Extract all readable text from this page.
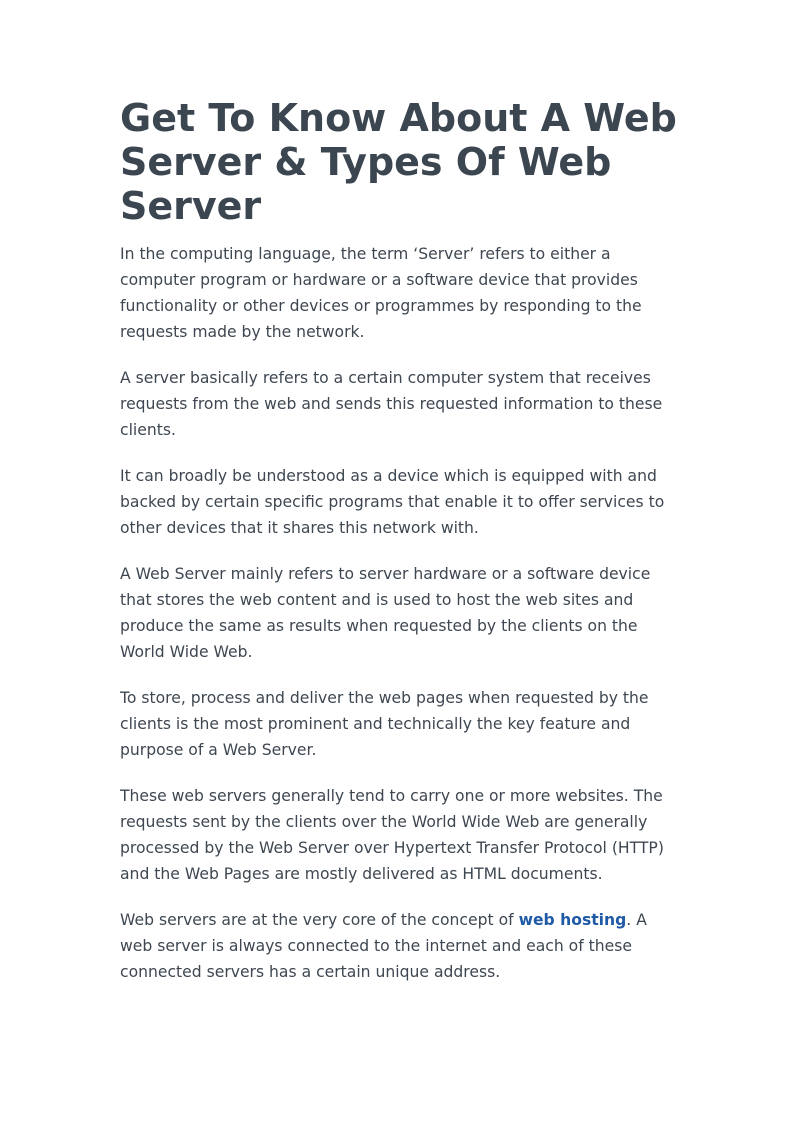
Get To Know About A Web Server & Types Of Web Server

In the computing language, the term ‘Server’ refers to either a computer program or hardware or a software device that provides functionality or other devices or programmes by responding to the requests made by the network.

A server basically refers to a certain computer system that receives requests from the web and sends this requested information to these clients.

It can broadly be understood as a device which is equipped with and backed by certain specific programs that enable it to offer services to other devices that it shares this network with.

A Web Server mainly refers to server hardware or a software device that stores the web content and is used to host the web sites and produce the same as results when requested by the clients on the World Wide Web.

To store, process and deliver the web pages when requested by the clients is the most prominent and technically the key feature and purpose of a Web Server.

These web servers generally tend to carry one or more websites. The requests sent by the clients over the World Wide Web are generally processed by the Web Server over Hypertext Transfer Protocol (HTTP) and the Web Pages are mostly delivered as HTML documents.

Web servers are at the very core of the concept of web hosting. A web server is always connected to the internet and each of these connected servers has a certain unique address.
